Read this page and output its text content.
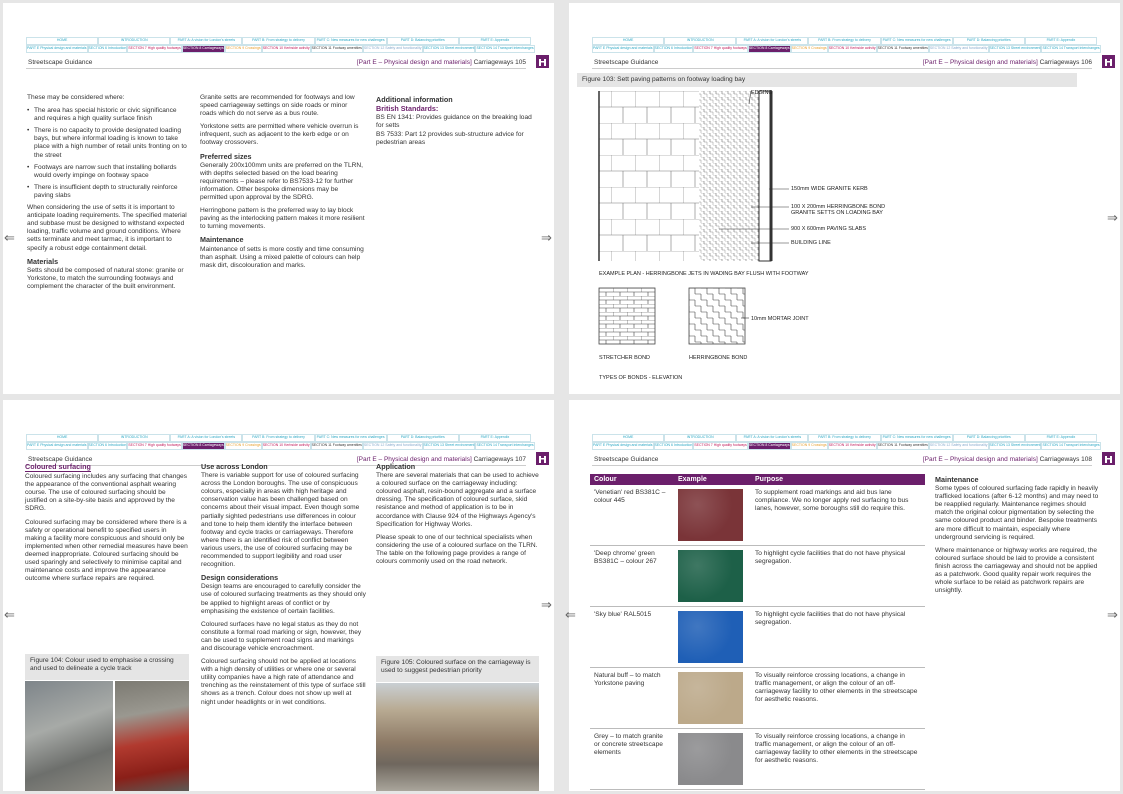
HOME	INTRODUCTION	PART A: A vision for London's streets	PART B: From strategy to delivery	PART C: New measures for new challenges	PART D: Balancing priorities	PART E: Appendix
PART E Physical design and materials SECTION 6 Introduction SECTION 7 High quality footways SECTION 8 Carriageways SECTION 9 Crossings SECTION 10 Kerbside activity SECTION 11 Footway amenities SECTION 12 Safety and functionality SECTION 13 Street environment SECTION 14 Transport interchanges
Streetscape Guidance	[Part E – Physical design and materials] Carriageways 105
⇐	⇒

These may be considered where:

• The area has special historic or civic significance and requires a high quality surface finish
• There is no capacity to provide designated loading bays, but where informal loading is known to take place with a high number of retail units fronting on to the street
• Footways are narrow such that installing bollards would overly impinge on footway space
• There is insufficient depth to structurally reinforce paving slabs

When considering the use of setts it is important to anticipate loading requirements. The specified material and subbase must be designed to withstand expected loading, traffic volume and ground conditions. Where setts terminate and meet tarmac, it is important to specify a robust edge containment detail.

Materials

Setts should be composed of natural stone: granite or Yorkstone, to match the surrounding footways and complement the character of the built environment.

Granite setts are recommended for footways and low speed carriageway settings on side roads or minor roads which do not serve as a bus route.

Yorkstone setts are permitted where vehicle overrun is infrequent, such as adjacent to the kerb edge or on footway crossovers.

Preferred sizes

Generally 200x100mm units are preferred on the TLRN, with depths selected based on the load bearing requirements – please refer to BS7533-12 for further information. Other bespoke dimensions may be permitted upon approval by the SDRG.

Herringbone pattern is the preferred way to lay block paving as the interlocking pattern makes it more resilient to turning movements.

Maintenance

Maintenance of setts is more costly and time consuming than asphalt. Using a mixed palette of colours can help mask dirt, discolouration and marks.

Additional information
British Standards:

BS EN 1341: Provides guidance on the breaking load for setts

BS 7533: Part 12 provides sub-structure advice for pedestrian areas

HOME	INTRODUCTION	PART A: A vision for London's streets	PART B: From strategy to delivery	PART C: New measures for new challenges	PART D: Balancing priorities	PART E: Appendix
PART E Physical design and materials SECTION 6 Introduction SECTION 7 High quality footways SECTION 8 Carriageways SECTION 9 Crossings SECTION 10 Kerbside activity SECTION 11 Footway amenities SECTION 12 Safety and functionality SECTION 13 Street environment SECTION 14 Transport interchanges
Streetscape Guidance	[Part E – Physical design and materials] Carriageways 106
⇒
Figure 103: Sett paving patterns on footway loading bay
EDGING
150mm WIDE GRANITE KERB
100 X 200mm HERRINGBONE BOND
GRANITE SETTS ON LOADING BAY
900 X 600mm PAVING SLABS
BUILDING LINE
EXAMPLE PLAN - HERRINGBONE JETS IN WADING BAY FLUSH WITH FOOTWAY
10mm MORTAR JOINT
STRETCHER BOND	HERRINGBONE BOND
TYPES OF BONDS - ELEVATION
HOME	INTRODUCTION	PART A: A vision for London's streets	PART B: From strategy to delivery	PART C: New measures for new challenges	PART D: Balancing priorities	PART E: Appendix
PART E Physical design and materials SECTION 6 Introduction SECTION 7 High quality footways SECTION 8 Carriageways SECTION 9 Crossings SECTION 10 Kerbside activity SECTION 11 Footway amenities SECTION 12 Safety and functionality SECTION 13 Street environment SECTION 14 Transport interchanges
Streetscape Guidance	[Part E – Physical design and materials] Carriageways 107
⇐
⇒
Coloured surfacing

Coloured surfacing includes any surfacing that changes the appearance of the conventional asphalt wearing course. The use of coloured surfacing should be justified on a site-by-site basis and approved by the SDRG.

Coloured surfacing may be considered where there is a safety or operational benefit to specified users in making a facility more conspicuous and should only be implemented when other remedial measures have been deemed inappropriate. Coloured surfacing should be used sparingly and selectively to minimise capital and maintenance costs and improve the appearance outcome where surface repairs are required.

Figure 104: Colour used to emphasise a crossing and used to delineate a cycle track
Use across London

There is variable support for use of coloured surfacing across the London boroughs. The use of conspicuous colours, especially in areas with high heritage and conservation value has been challenged based on concerns about their visual impact. Even though some partially sighted pedestrians use differences in colour and tone to help them identify the interface between footway and cycle tracks or carriageways. Therefore where there is an identified risk of conflict between various users, the use of coloured surfacing may be recommended to support legibility and road user recognition.

Design considerations

Design teams are encouraged to carefully consider the use of coloured surfacing treatments as they should only be applied to highlight areas of conflict or by emphasising the existence of certain facilities.

Coloured surfaces have no legal status as they do not constitute a formal road marking or sign, however, they can be used to supplement road signs and markings and discourage vehicle encroachment.

Coloured surfacing should not be applied at locations with a high density of utilities or where one or several utility companies have a high rate of attendance and trenching as the reinstatement of this type of surface still shows as a trench. Colour does not show up well at night under headlights or in wet conditions.

Application

There are several materials that can be used to achieve a coloured surface on the carriageway including: coloured asphalt, resin-bound aggregate and a surface dressing. The specification of coloured surface, skid resistance and method of application is to be in accordance with Clause 924 of the Highways Agency's Specification for Highway Works.

Please speak to one of our technical specialists when considering the use of a coloured surface on the TLRN. The table on the following page provides a range of colours commonly used on the road network.

Figure 105: Coloured surface on the carriageway is used to suggest pedestrian priority
HOME	INTRODUCTION	PART A: A vision for London's streets	PART B: From strategy to delivery	PART C: New measures for new challenges	PART D: Balancing priorities	PART E: Appendix
PART E Physical design and materials SECTION 6 Introduction SECTION 7 High quality footways SECTION 8 Carriageways SECTION 9 Crossings SECTION 10 Kerbside activity SECTION 11 Footway amenities SECTION 12 Safety and functionality SECTION 13 Street environment SECTION 14 Transport interchanges
Streetscape Guidance	[Part E – Physical design and materials] Carriageways 108
⇐	⇒
Colour	Example	Purpose
'Venetian' red BS381C – colour 445		To supplement road markings and aid bus lane compliance. We no longer apply red surfacing to bus lanes, however, some boroughs still do require this.
'Deep chrome' green BS381C – colour 267		To highlight cycle facilities that do not have physical segregation.
'Sky blue' RAL5015		To highlight cycle facilities that do not have physical segregation.
Natural buff – to match Yorkstone paving		To visually reinforce crossing locations, a change in traffic management, or align the colour of an off-carriageway facility to other elements in the streetscape for aesthetic reasons.
Grey – to match granite or concrete streetscape elements		To visually reinforce crossing locations, a change in traffic management, or align the colour of an off-carriageway facility to other elements in the streetscape for aesthetic reasons.
Maintenance

Some types of coloured surfacing fade rapidly in heavily trafficked locations (after 6-12 months) and may need to be reapplied regularly. Maintenance regimes should match the original colour pigmentation by selecting the same coloured product and binder. Bespoke treatments are more difficult to maintain, especially where underground servicing is required.

Where maintenance or highway works are required, the coloured surface should be laid to provide a consistent finish across the carriageway and should not be applied as a patchwork. Good quality repair work requires the whole surface to be relaid as patchwork repairs are unsightly.
